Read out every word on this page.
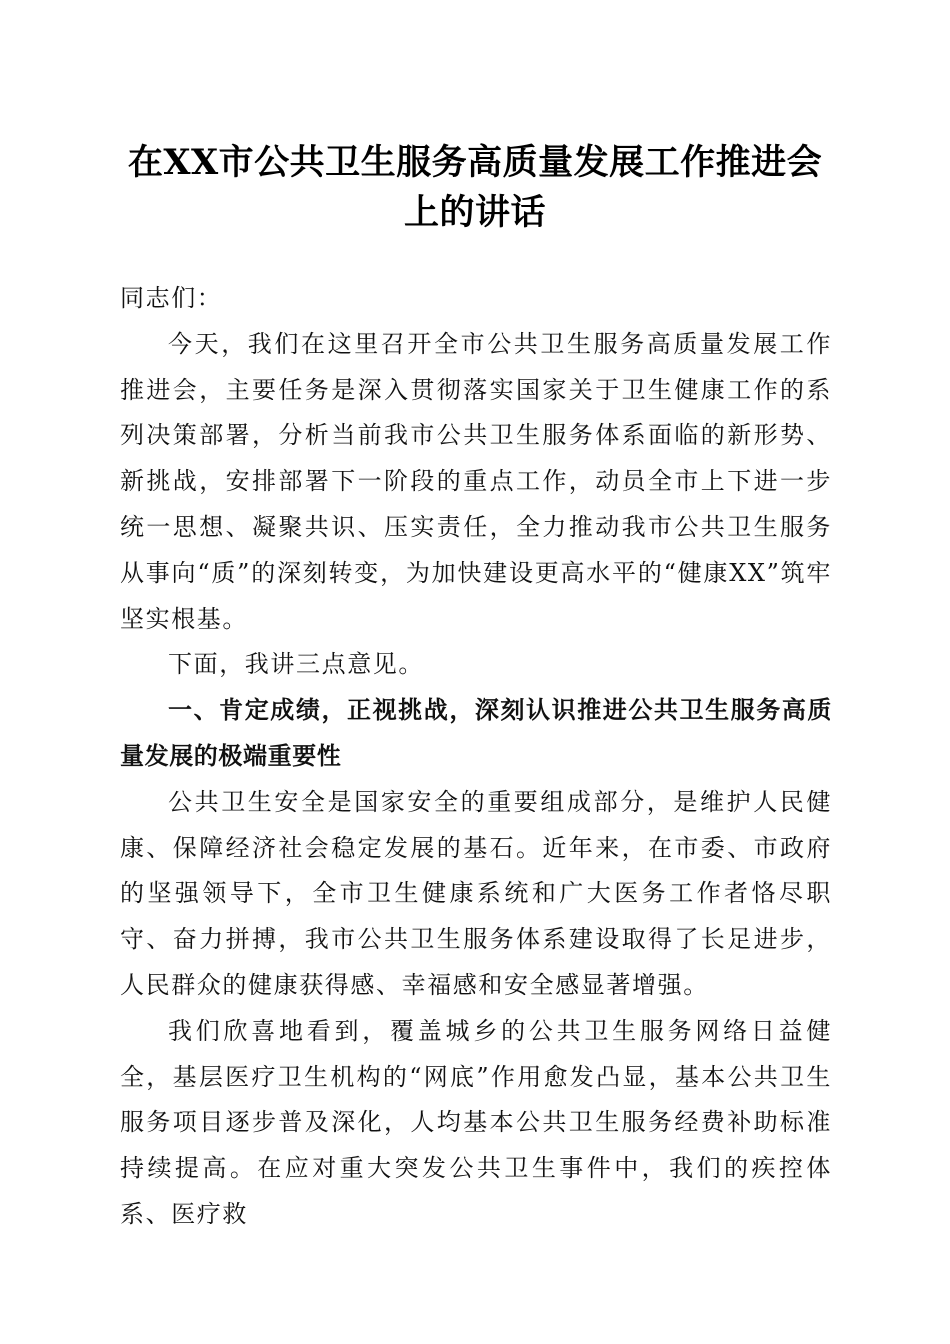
在XX市公共卫生服务高质量发展工作推进会
上的讲话

同志们：

今天，我们在这里召开全市公共卫生服务高质量发展工作推进会，主要任务是深入贯彻落实国家关于卫生健康工作的系列决策部署，分析当前我市公共卫生服务体系面临的新形势、新挑战，安排部署下一阶段的重点工作，动员全市上下进一步统一思想、凝聚共识、压实责任，全力推动我市公共卫生服务从事向“质”的深刻转变，为加快建设更高水平的“健康XX”筑牢坚实根基。

下面，我讲三点意见。

一、肯定成绩，正视挑战，深刻认识推进公共卫生服务高质量发展的极端重要性

公共卫生安全是国家安全的重要组成部分，是维护人民健康、保障经济社会稳定发展的基石。近年来，在市委、市政府的坚强领导下，全市卫生健康系统和广大医务工作者恪尽职守、奋力拼搏，我市公共卫生服务体系建设取得了长足进步，人民群众的健康获得感、幸福感和安全感显著增强。

我们欣喜地看到，覆盖城乡的公共卫生服务网络日益健全，基层医疗卫生机构的“网底”作用愈发凸显，基本公共卫生服务项目逐步普及深化，人均基本公共卫生服务经费补助标准持续提高。在应对重大突发公共卫生事件中，我们的疾控体系、医疗救
